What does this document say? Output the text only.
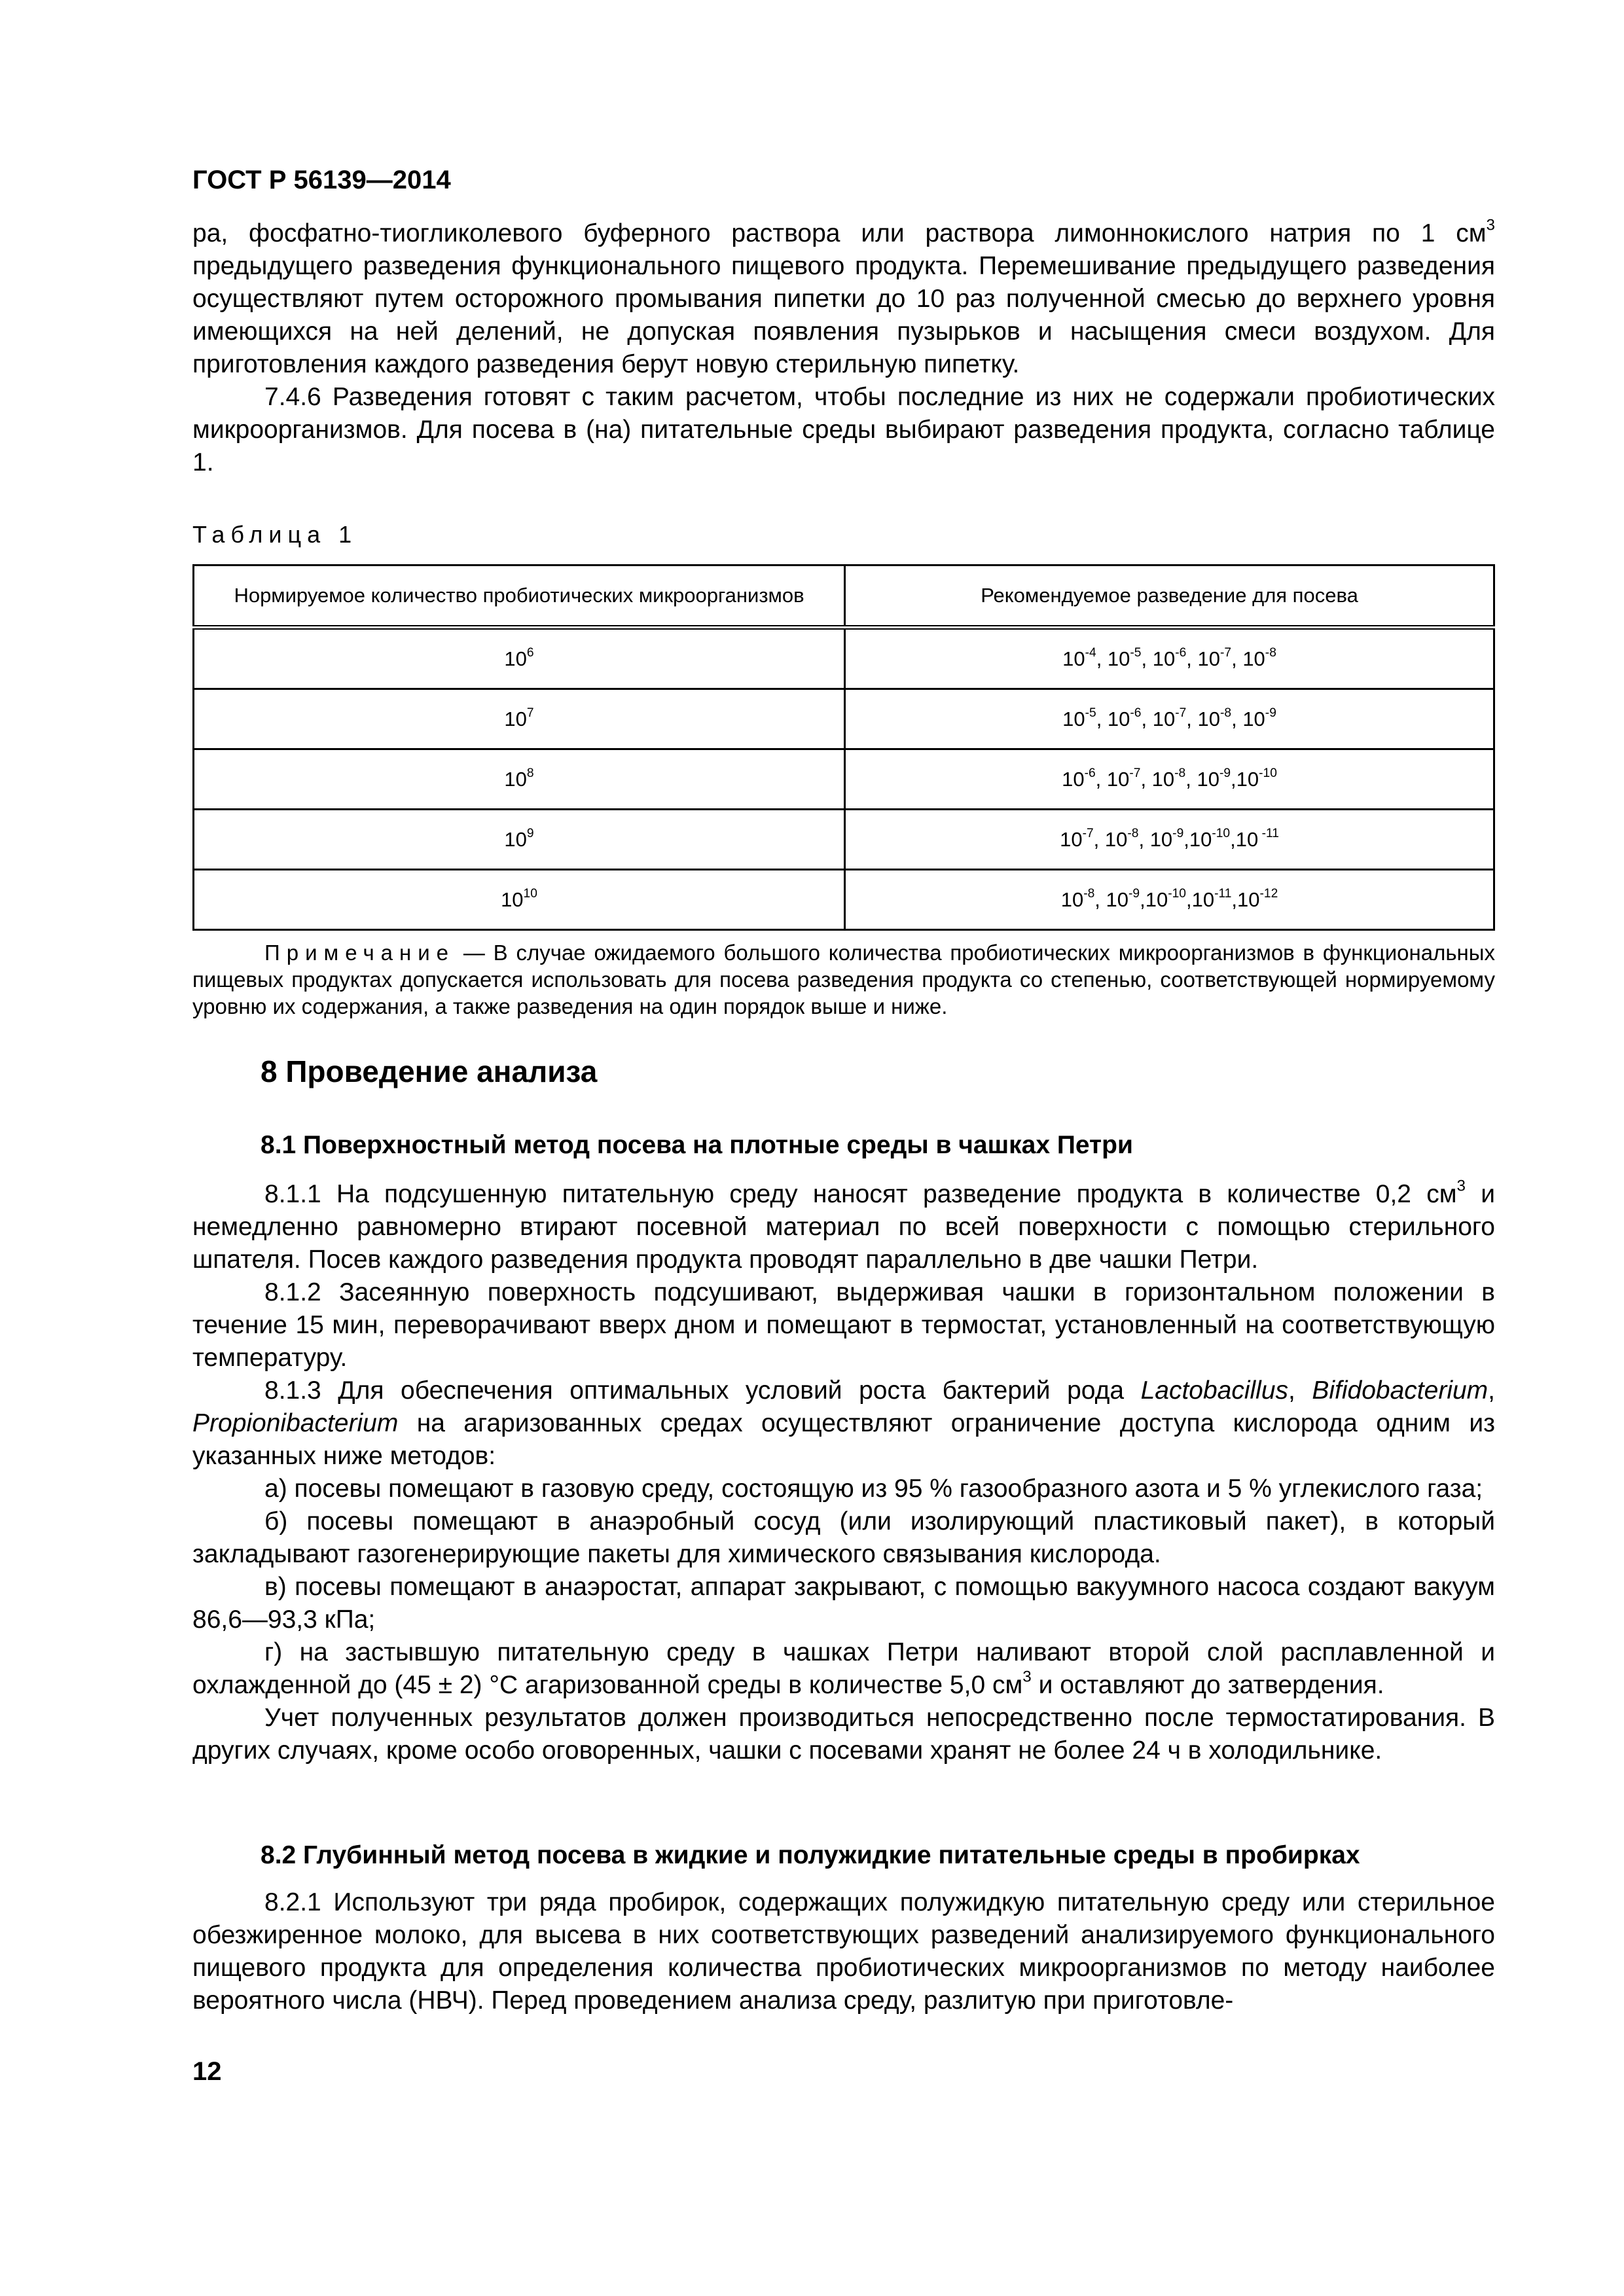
ГОСТ Р 56139—2014

ра, фосфатно-тиогликолевого буферного раствора или раствора лимоннокислого натрия по 1 $см^3$ предыдущего разведения функционального пищевого продукта. Перемешивание предыдущего разведения осуществляют путем осторожного промывания пипетки до 10 раз полученной смесью до верхнего уровня имеющихся на ней делений, не допуская появления пузырьков и насыщения смеси воздухом. Для приготовления каждого разведения берут новую стерильную пипетку.

7.4.6 Разведения готовят с таким расчетом, чтобы последние из них не содержали пробиотических микроорганизмов. Для посева в (на) питательные среды выбирают разведения продукта, согласно таблице 1.

Таблица 1
Нормируемое количество пробиотических микроорганизмов	Рекомендуемое разведение для посева
$10^6$	$10^{-4}$, $10^{-5}$, $10^{-6}$, $10^{-7}$, $10^{-8}$
$10^7$	$10^{-5}$, $10^{-6}$, $10^{-7}$, $10^{-8}$, $10^{-9}$
$10^8$	$10^{-6}$, $10^{-7}$, $10^{-8}$, $10^{-9},10^{-10}$
$10^9$	$10^{-7}$, $10^{-8}$, $10^{-9},10^{-10},10$ $^{-11}$
$10^{10}$	$10^{-8}$, $10^{-9},10^{-10},10^{-11},10^{-12}$

Примечание — В случае ожидаемого большого количества пробиотических микроорганизмов в функциональных пищевых продуктах допускается использовать для посева разведения продукта со степенью, соответствующей нормируемому уровню их содержания, а также разведения на один порядок выше и ниже.

8 Проведение анализа
8.1 Поверхностный метод посева на плотные среды в чашках Петри

8.1.1 На подсушенную питательную среду наносят разведение продукта в количестве 0,2 $см^3$ и немедленно равномерно втирают посевной материал по всей поверхности с помощью стерильного шпателя. Посев каждого разведения продукта проводят параллельно в две чашки Петри.

8.1.2 Засеянную поверхность подсушивают, выдерживая чашки в горизонтальном положении в течение 15 мин, переворачивают вверх дном и помещают в термостат, установленный на соответствующую температуру.

8.1.3 Для обеспечения оптимальных условий роста бактерий рода Lactobacillus, Bifidobacterium, Propionibacterium на агаризованных средах осуществляют ограничение доступа кислорода одним из указанных ниже методов:

а) посевы помещают в газовую среду, состоящую из 95 % газообразного азота и 5 % углекислого газа;

б) посевы помещают в анаэробный сосуд (или изолирующий пластиковый пакет), в который закладывают газогенерирующие пакеты для химического связывания кислорода.

в) посевы помещают в анаэростат, аппарат закрывают, с помощью вакуумного насоса создают вакуум 86,6—93,3 кПа;

г) на застывшую питательную среду в чашках Петри наливают второй слой расплавленной и охлажденной до (45 ± 2) °С агаризованной среды в количестве 5,0 $см^3$ и оставляют до затвердения.

Учет полученных результатов должен производиться непосредственно после термостатирования. В других случаях, кроме особо оговоренных, чашки с посевами хранят не более 24 ч в холодильнике.

8.2 Глубинный метод посева в жидкие и полужидкие питательные среды в пробирках

8.2.1 Используют три ряда пробирок, содержащих полужидкую питательную среду или стерильное обезжиренное молоко, для высева в них соответствующих разведений анализируемого функционального пищевого продукта для определения количества пробиотических микроорганизмов по методу наиболее вероятного числа (НВЧ). Перед проведением анализа среду, разлитую при приготовле-

12
